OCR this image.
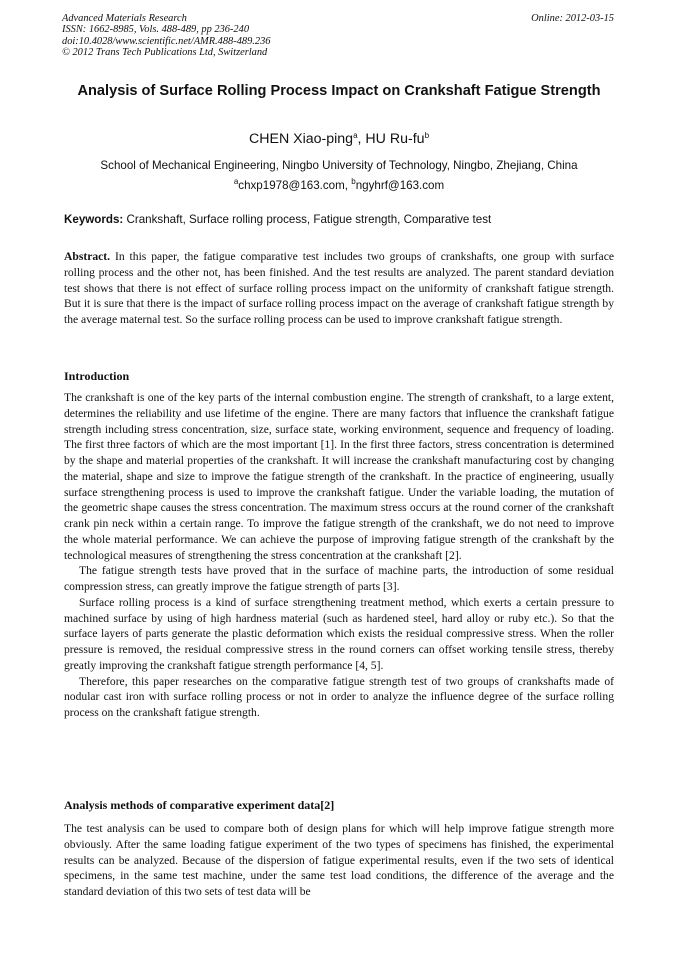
Advanced Materials Research
ISSN: 1662-8985, Vols. 488-489, pp 236-240
doi:10.4028/www.scientific.net/AMR.488-489.236
© 2012 Trans Tech Publications Ltd, Switzerland
Online: 2012-03-15
Analysis of Surface Rolling Process Impact on Crankshaft Fatigue Strength
CHEN Xiao-ping$^a$, HU $Ru-fu^b$
School of Mechanical Engineering, Ningbo University of Technology, Ningbo, Zhejiang, China
$^a$chxp1978@163.com, $^b$ngyhrf@163.com
Keywords: Crankshaft, Surface rolling process, Fatigue strength, Comparative test

Abstract. In this paper, the fatigue comparative test includes two groups of crankshafts, one group with surface rolling process and the other not, has been finished. And the test results are analyzed. The parent standard deviation test shows that there is not effect of surface rolling process impact on the uniformity of crankshaft fatigue strength. But it is sure that there is the impact of surface rolling process impact on the average of crankshaft fatigue strength by the average maternal test. So the surface rolling process can be used to improve crankshaft fatigue strength.

Introduction

The crankshaft is one of the key parts of the internal combustion engine. The strength of crankshaft, to a large extent, determines the reliability and use lifetime of the engine. There are many factors that influence the crankshaft fatigue strength including stress concentration, size, surface state, working environment, sequence and frequency of loading. The first three factors of which are the most important [1]. In the first three factors, stress concentration is determined by the shape and material properties of the crankshaft. It will increase the crankshaft manufacturing cost by changing the material, shape and size to improve the fatigue strength of the crankshaft. In the practice of engineering, usually surface strengthening process is used to improve the crankshaft fatigue. Under the variable loading, the mutation of the geometric shape causes the stress concentration. The maximum stress occurs at the round corner of the crankshaft crank pin neck within a certain range. To improve the fatigue strength of the crankshaft, we do not need to improve the whole material performance. We can achieve the purpose of improving fatigue strength of the crankshaft by the technological measures of strengthening the stress concentration at the crankshaft [2].

The fatigue strength tests have proved that in the surface of machine parts, the introduction of some residual compression stress, can greatly improve the fatigue strength of parts [3].

Surface rolling process is a kind of surface strengthening treatment method, which exerts a certain pressure to machined surface by using of high hardness material (such as hardened steel, hard alloy or ruby etc.). So that the surface layers of parts generate the plastic deformation which exists the residual compressive stress. When the roller pressure is removed, the residual compressive stress in the round corners can offset working tensile stress, thereby greatly improving the crankshaft fatigue strength performance [4, 5].

Therefore, this paper researches on the comparative fatigue strength test of two groups of crankshafts made of nodular cast iron with surface rolling process or not in order to analyze the influence degree of the surface rolling process on the crankshaft fatigue strength.

Analysis methods of comparative experiment data[2]

The test analysis can be used to compare both of design plans for which will help improve fatigue strength more obviously. After the same loading fatigue experiment of the two types of specimens has finished, the experimental results can be analyzed. Because of the dispersion of fatigue experimental results, even if the two sets of identical specimens, in the same test machine, under the same test load conditions, the difference of the average and the standard deviation of this two sets of test data will be
